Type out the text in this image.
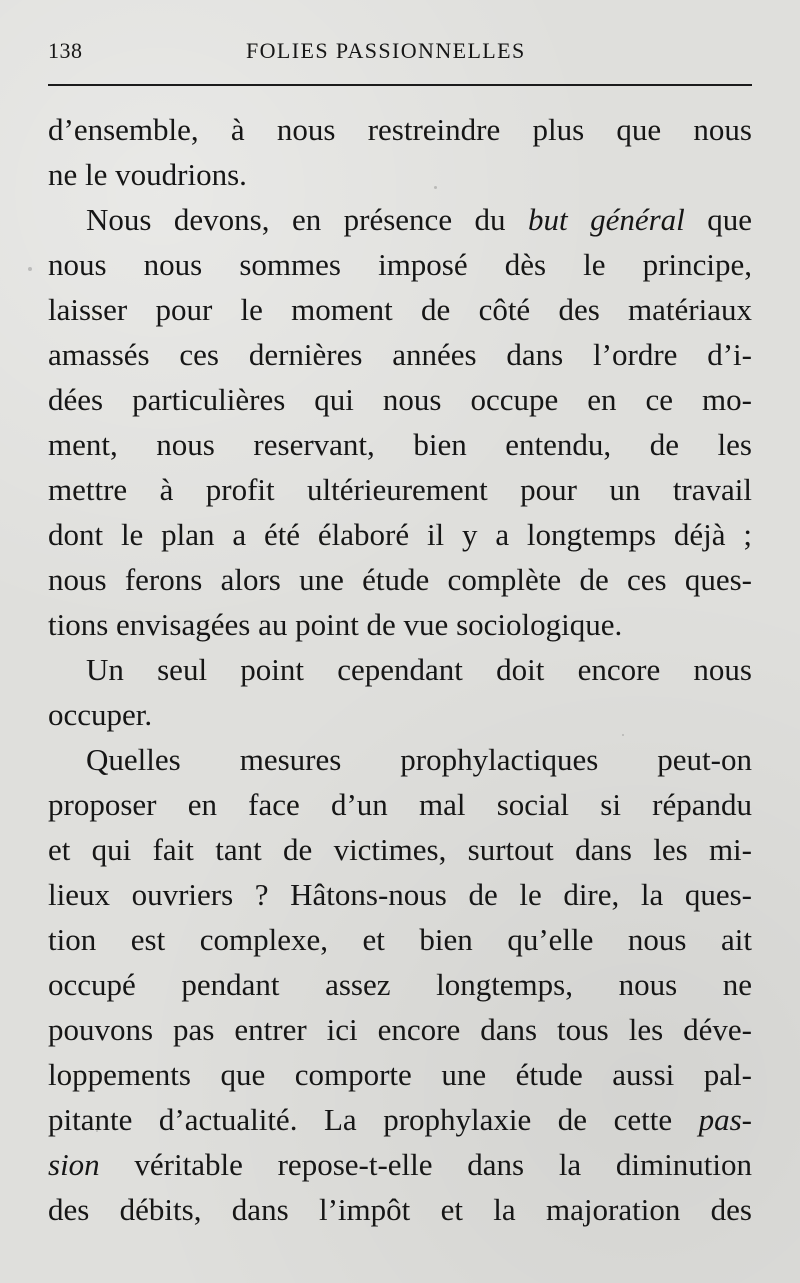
138	FOLIES PASSIONNELLES
d’ensemble, à nous restreindre plus que nous
ne le voudrions.
Nous devons, en présence du but général que
nous nous sommes imposé dès le principe,
laisser pour le moment de côté des matériaux
amassés ces dernières années dans l’ordre d’i-
dées particulières qui nous occupe en ce mo-
ment, nous reservant, bien entendu, de les
mettre à profit ultérieurement pour un travail
dont le plan a été élaboré il y a longtemps déjà ;
nous ferons alors une étude complète de ces ques-
tions envisagées au point de vue sociologique.
Un seul point cependant doit encore nous
occuper.
Quelles mesures prophylactiques peut-on
proposer en face d’un mal social si répandu
et qui fait tant de victimes, surtout dans les mi-
lieux ouvriers ? Hâtons-nous de le dire, la ques-
tion est complexe, et bien qu’elle nous ait
occupé pendant assez longtemps, nous ne
pouvons pas entrer ici encore dans tous les déve-
loppements que comporte une étude aussi pal-
pitante d’actualité. La prophylaxie de cette pas-
sion véritable repose-t-elle dans la diminution
des débits, dans l’impôt et la majoration des
